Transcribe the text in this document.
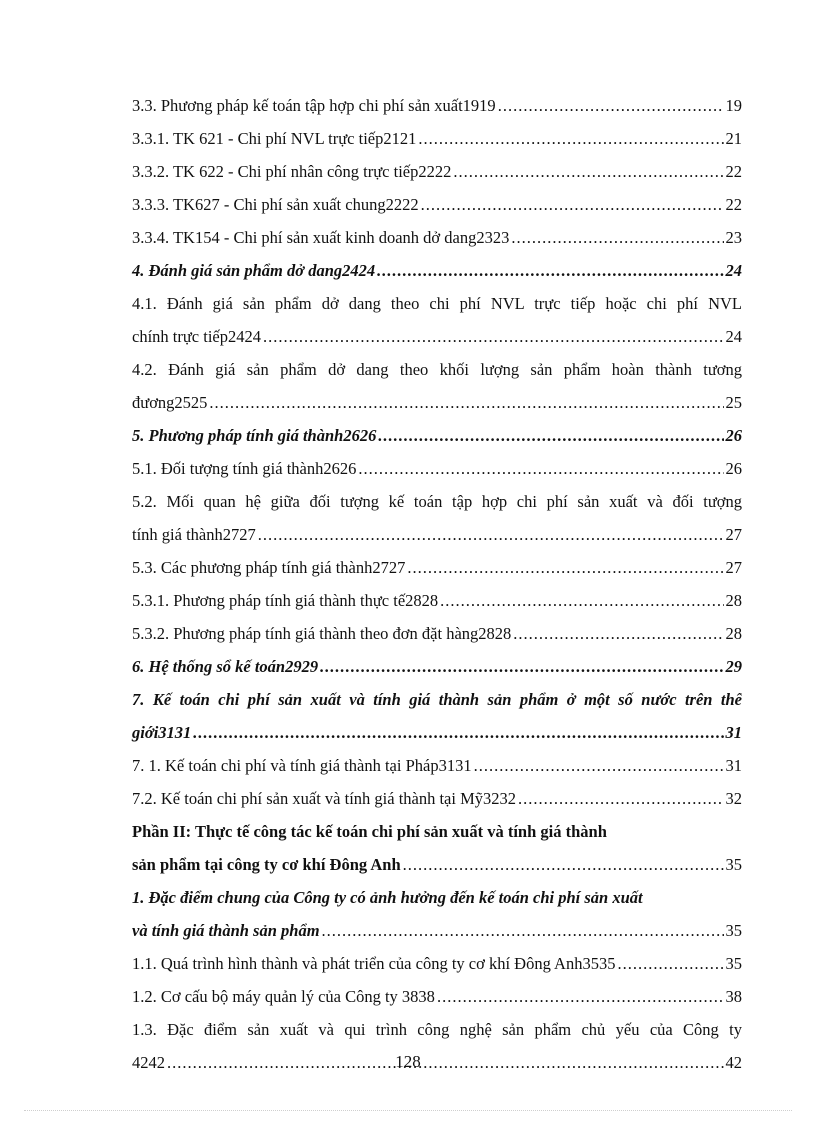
3.3. Phương pháp kế toán tập hợp chi phí sản xuất1919 .....	19
3.3.1. TK 621 - Chi phí NVL trực tiếp2121 .....	21
3.3.2. TK 622 - Chi phí nhân công trực tiếp2222 .....	22
3.3.3. TK627 - Chi phí sản xuất chung2222 .....	22
3.3.4. TK154 - Chi phí sản xuất kinh doanh dở dang2323 .....	23
4. Đánh giá sản phẩm dở dang2424 .....	24
4.1. Đánh giá sản phẩm dở dang theo chi phí NVL trực tiếp hoặc chi phí NVL
chính trực tiếp2424 .....	24
4.2. Đánh giá sản phẩm dở dang theo khối lượng sản phẩm hoàn thành tương
đương2525 .....	25
5. Phương pháp tính giá thành2626 .....	26
5.1. Đối tượng tính giá thành2626 .....	26
5.2. Mối quan hệ giữa đối tượng kế toán tập hợp chi phí sản xuất và đối tượng
tính giá thành2727 .....	27
5.3. Các phương pháp tính giá thành2727 .....	27
5.3.1. Phương pháp tính giá thành thực tế2828 .....	28
5.3.2. Phương pháp tính giá thành theo đơn đặt hàng2828 .....	28
6. Hệ thống sổ kế toán2929 .....	29
7. Kế toán chi phí sản xuất và tính giá thành sản phẩm ở một số nước trên thế
giới3131 .....	31
7. 1. Kế toán chi phí và tính giá thành tại Pháp3131 .....	31
7.2. Kế toán chi phí sản xuất và tính giá thành tại Mỹ3232 .....	32
Phần II: Thực tế công tác kế toán chi phí sản xuất và tính giá thành
sản phẩm tại công ty cơ khí Đông Anh .....	35
1. Đặc điểm chung của Công ty có ảnh hưởng đến kế toán chi phí sản xuất
và tính giá thành sản phẩm .....	35
1.1. Quá trình hình thành và phát triển của công ty cơ khí Đông Anh3535 .....	35
1.2. Cơ cấu bộ máy quản lý của Công ty 3838 .....	38
1.3. Đặc điểm sản xuất và qui trình công nghệ sản phẩm chủ yếu của Công ty
4242 .....	42
128
